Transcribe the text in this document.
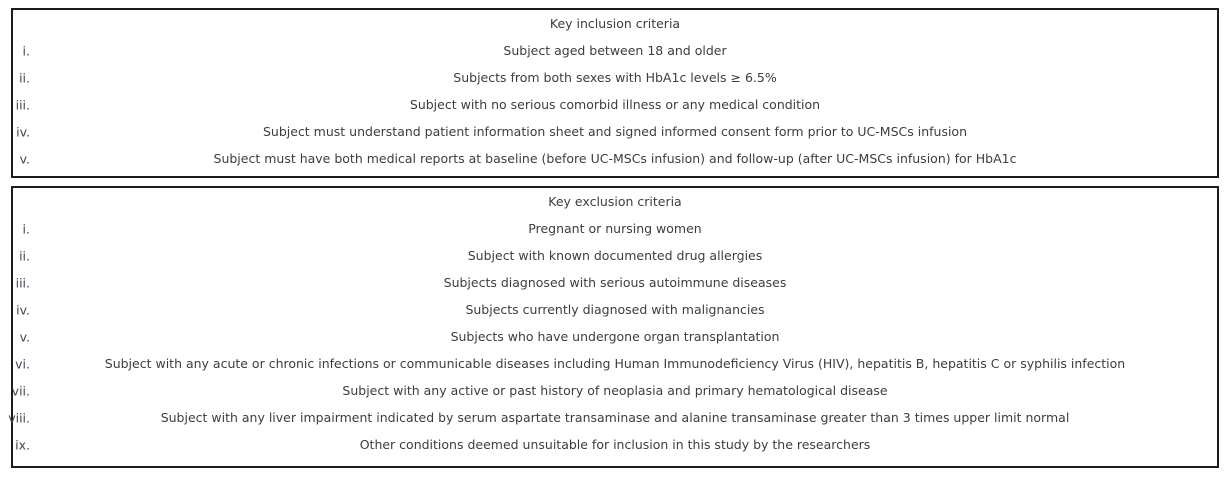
Key inclusion criteria
i.	Subject aged between 18 and older
ii.	Subjects from both sexes with HbA1c levels ≥ 6.5%
iii.	Subject with no serious comorbid illness or any medical condition
iv.	Subject must understand patient information sheet and signed informed consent form prior to UC-MSCs infusion
v.	Subject must have both medical reports at baseline (before UC-MSCs infusion) and follow-up (after UC-MSCs infusion) for HbA1c
Key exclusion criteria
i.	Pregnant or nursing women
ii.	Subject with known documented drug allergies
iii.	Subjects diagnosed with serious autoimmune diseases
iv.	Subjects currently diagnosed with malignancies
v.	Subjects who have undergone organ transplantation
vi.	Subject with any acute or chronic infections or communicable diseases including Human Immunodeficiency Virus (HIV), hepatitis B, hepatitis C or syphilis infection
vii.	Subject with any active or past history of neoplasia and primary hematological disease
viii.	Subject with any liver impairment indicated by serum aspartate transaminase and alanine transaminase greater than 3 times upper limit normal
ix.	Other conditions deemed unsuitable for inclusion in this study by the researchers
